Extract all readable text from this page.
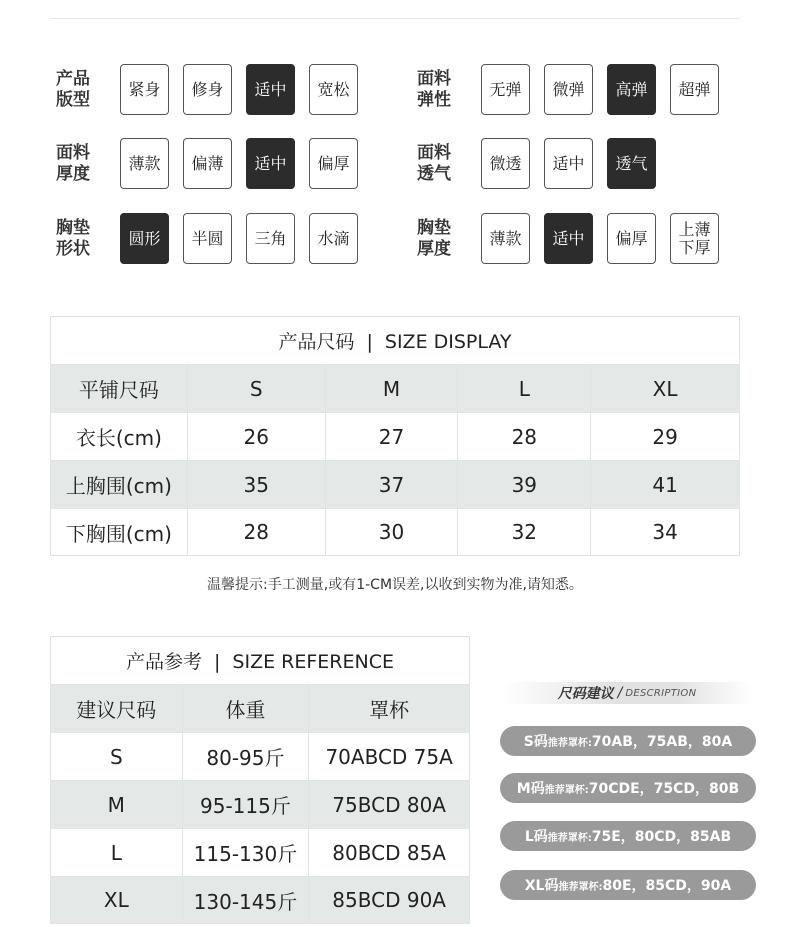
产品
版型
紧身 修身 适中 宽松
面料
弹性
无弹 微弹 高弹 超弹
面料
厚度
薄款 偏薄 适中 偏厚
面料
透气
微透 适中 透气
胸垫
形状
圆形 半圆 三角 水滴
胸垫
厚度
薄款 适中 偏厚 上薄
下厚
产品尺码 | SIZE DISPLAY				
平铺尺码	S	M	L	XL
衣长(cm)	26	27	28	29
上胸围(cm)	35	37	39	41
下胸围(cm)	28	30	32	34
温馨提示:手工测量,或有1-CM误差,以收到实物为准,请知悉。
产品参考 | SIZE REFERENCE		
建议尺码	体重	罩杯
S	80-95斤	70ABCD 75A
M	95-115斤	75BCD 80A
L	115-130斤	80BCD 85A
XL	130-145斤	85BCD 90A
尺码建议 / DESCRIPTION
S码 推荐罩杯: 70AB，75AB，80A
M码 推荐罩杯: 70CDE，75CD，80B
L码 推荐罩杯: 75E，80CD，85AB
XL码 推荐罩杯: 80E，85CD，90A
